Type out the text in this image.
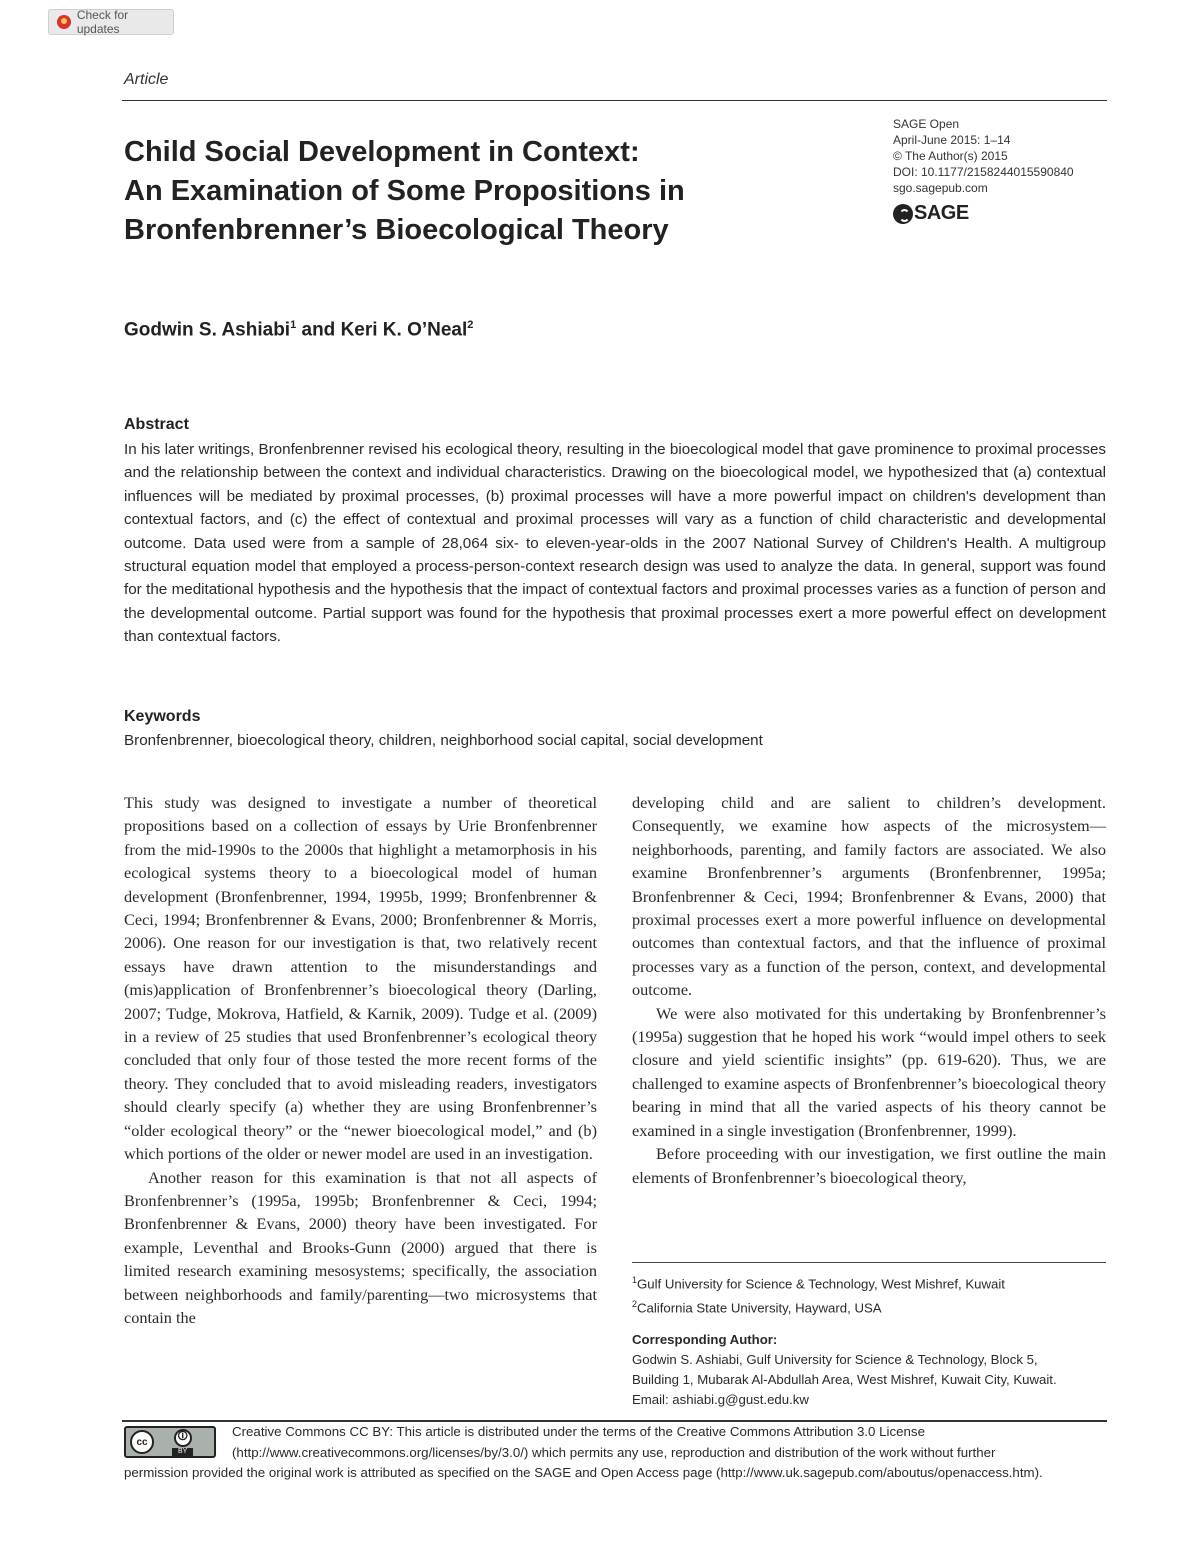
Check for updates
Article
Child Social Development in Context:
An Examination of Some Propositions in
Bronfenbrenner’s Bioecological Theory
SAGE Open
April-June 2015: 1–14
© The Author(s) 2015
DOI: 10.1177/2158244015590840
sgo.sagepub.com
SAGE
Godwin S. Ashiabi$^1$ and Keri K. O’Neal$^2$
Abstract
In his later writings, Bronfenbrenner revised his ecological theory, resulting in the bioecological model that gave prominence to proximal processes and the relationship between the context and individual characteristics. Drawing on the bioecological model, we hypothesized that (a) contextual influences will be mediated by proximal processes, (b) proximal processes will have a more powerful impact on children's development than contextual factors, and (c) the effect of contextual and proximal processes will vary as a function of child characteristic and developmental outcome. Data used were from a sample of 28,064 six- to eleven-year-olds in the 2007 National Survey of Children's Health. A multigroup structural equation model that employed a process-person-context research design was used to analyze the data. In general, support was found for the meditational hypothesis and the hypothesis that the impact of contextual factors and proximal processes varies as a function of person and the developmental outcome. Partial support was found for the hypothesis that proximal processes exert a more powerful effect on development than contextual factors.
Keywords
Bronfenbrenner, bioecological theory, children, neighborhood social capital, social development

This study was designed to investigate a number of theoretical propositions based on a collection of essays by Urie Bronfenbrenner from the mid-1990s to the 2000s that highlight a metamorphosis in his ecological systems theory to a bioecological model of human development (Bronfenbrenner, 1994, 1995b, 1999; Bronfenbrenner & Ceci, 1994; Bronfenbrenner & Evans, 2000; Bronfenbrenner & Morris, 2006). One reason for our investigation is that, two relatively recent essays have drawn attention to the misunderstandings and (mis)application of Bronfenbrenner’s bioecological theory (Darling, 2007; Tudge, Mokrova, Hatfield, & Karnik, 2009). Tudge et al. (2009) in a review of 25 studies that used Bronfenbrenner’s ecological theory concluded that only four of those tested the more recent forms of the theory. They concluded that to avoid misleading readers, investigators should clearly specify (a) whether they are using Bronfenbrenner’s “older ecological theory” or the “newer bioecological model,” and (b) which portions of the older or newer model are used in an investigation.

Another reason for this examination is that not all aspects of Bronfenbrenner’s (1995a, 1995b; Bronfenbrenner & Ceci, 1994; Bronfenbrenner & Evans, 2000) theory have been investigated. For example, Leventhal and Brooks-Gunn (2000) argued that there is limited research examining mesosystems; specifically, the association between neighborhoods and family/parenting—two microsystems that contain the

developing child and are salient to children’s development. Consequently, we examine how aspects of the microsystem—neighborhoods, parenting, and family factors are associated. We also examine Bronfenbrenner’s arguments (Bronfenbrenner, 1995a; Bronfenbrenner & Ceci, 1994; Bronfenbrenner & Evans, 2000) that proximal processes exert a more powerful influence on developmental outcomes than contextual factors, and that the influence of proximal processes vary as a function of the person, context, and developmental outcome.

We were also motivated for this undertaking by Bronfenbrenner’s (1995a) suggestion that he hoped his work “would impel others to seek closure and yield scientific insights” (pp. 619-620). Thus, we are challenged to examine aspects of Bronfenbrenner’s bioecological theory bearing in mind that all the varied aspects of his theory cannot be examined in a single investigation (Bronfenbrenner, 1999).

Before proceeding with our investigation, we first outline the main elements of Bronfenbrenner’s bioecological theory,

$^1$Gulf University for Science & Technology, West Mishref, Kuwait
$^2$California State University, Hayward, USA
Corresponding Author:
Godwin S. Ashiabi, Gulf University for Science & Technology, Block 5,
Building 1, Mubarak Al-Abdullah Area, West Mishref, Kuwait City, Kuwait.
Email: ashiabi.g@gust.edu.kw
Creative Commons CC BY: This article is distributed under the terms of the Creative Commons Attribution 3.0 License
(http://www.creativecommons.org/licenses/by/3.0/) which permits any use, reproduction and distribution of the work without further
permission provided the original work is attributed as specified on the SAGE and Open Access page (http://www.uk.sagepub.com/aboutus/openaccess.htm).
cc	🛈
BY
